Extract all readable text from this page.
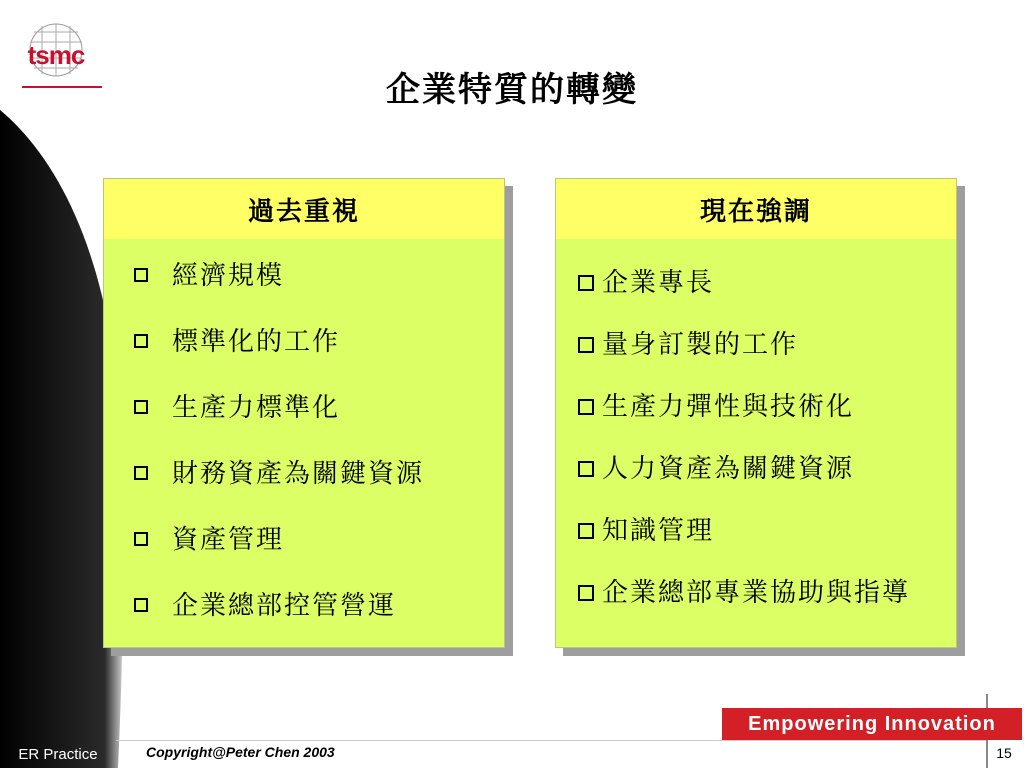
tsmc
企業特質的轉變
過去重視
經濟規模
標準化的工作
生產力標準化
財務資產為關鍵資源
資產管理
企業總部控管營運
現在強調
企業專長
量身訂製的工作
生產力彈性與技術化
人力資產為關鍵資源
知識管理
企業總部專業協助與指導
ER Practice	Copyright@Peter Chen 2003
Empowering Innovation
15
